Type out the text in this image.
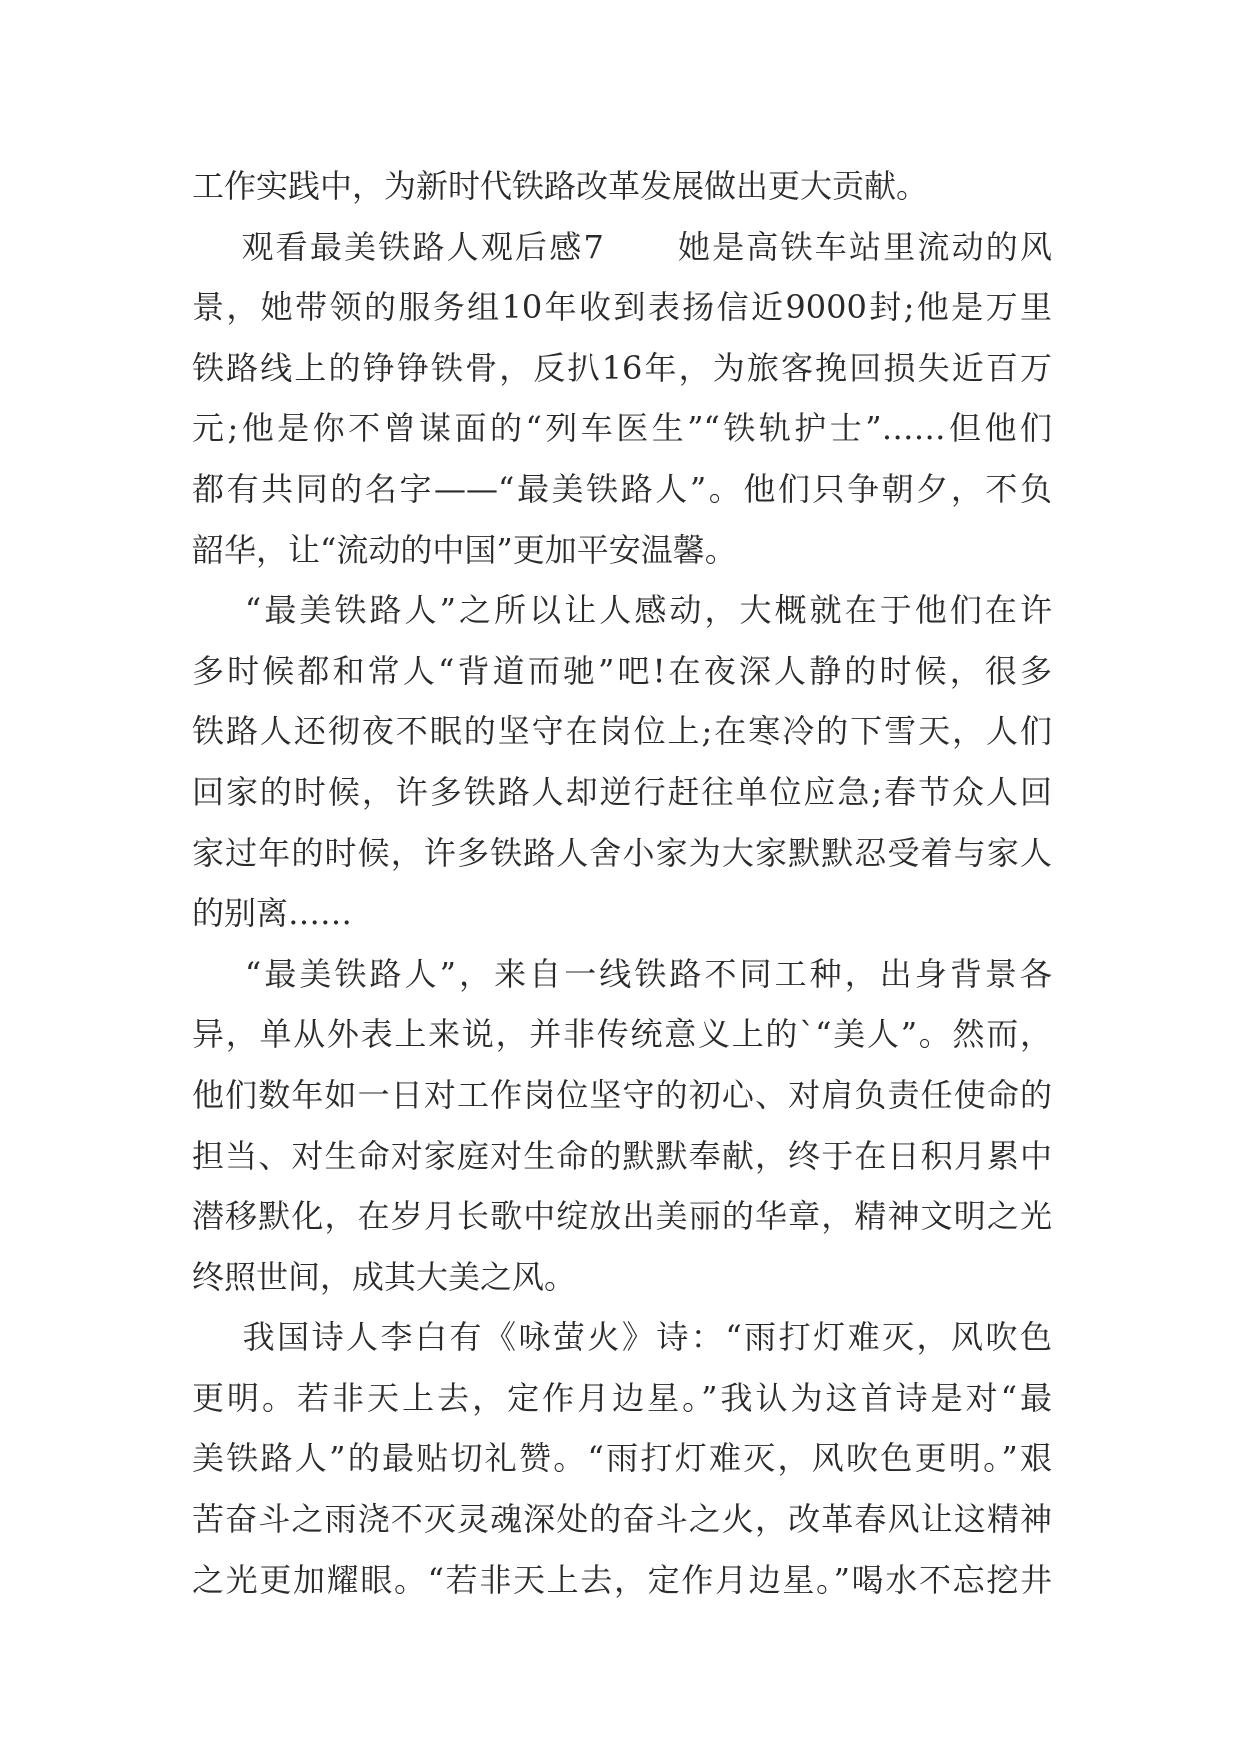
工作实践中，为新时代铁路改革发展做出更大贡献。
观看最美铁路人观后感7      她是高铁车站里流动的风
景，她带领的服务组10年收到表扬信近9000封;他是万里
铁路线上的铮铮铁骨，反扒16年，为旅客挽回损失近百万
元;他是你不曾谋面的“列车医生”“铁轨护士”……但他们
都有共同的名字——“最美铁路人”。他们只争朝夕，不负
韶华，让“流动的中国”更加平安温馨。
“最美铁路人”之所以让人感动，大概就在于他们在许
多时候都和常人“背道而驰”吧!在夜深人静的时候，很多
铁路人还彻夜不眠的坚守在岗位上;在寒冷的下雪天，人们
回家的时候，许多铁路人却逆行赶往单位应急;春节众人回
家过年的时候，许多铁路人舍小家为大家默默忍受着与家人
的别离……
“最美铁路人”，来自一线铁路不同工种，出身背景各
异，单从外表上来说，并非传统意义上的`“美人”。然而，
他们数年如一日对工作岗位坚守的初心、对肩负责任使命的
担当、对生命对家庭对生命的默默奉献，终于在日积月累中
潜移默化，在岁月长歌中绽放出美丽的华章，精神文明之光
终照世间，成其大美之风。
我国诗人李白有《咏萤火》诗：“雨打灯难灭，风吹色
更明。若非天上去，定作月边星。”我认为这首诗是对“最
美铁路人”的最贴切礼赞。“雨打灯难灭，风吹色更明。”艰
苦奋斗之雨浇不灭灵魂深处的奋斗之火，改革春风让这精神
之光更加耀眼。“若非天上去，定作月边星。”喝水不忘挖井
